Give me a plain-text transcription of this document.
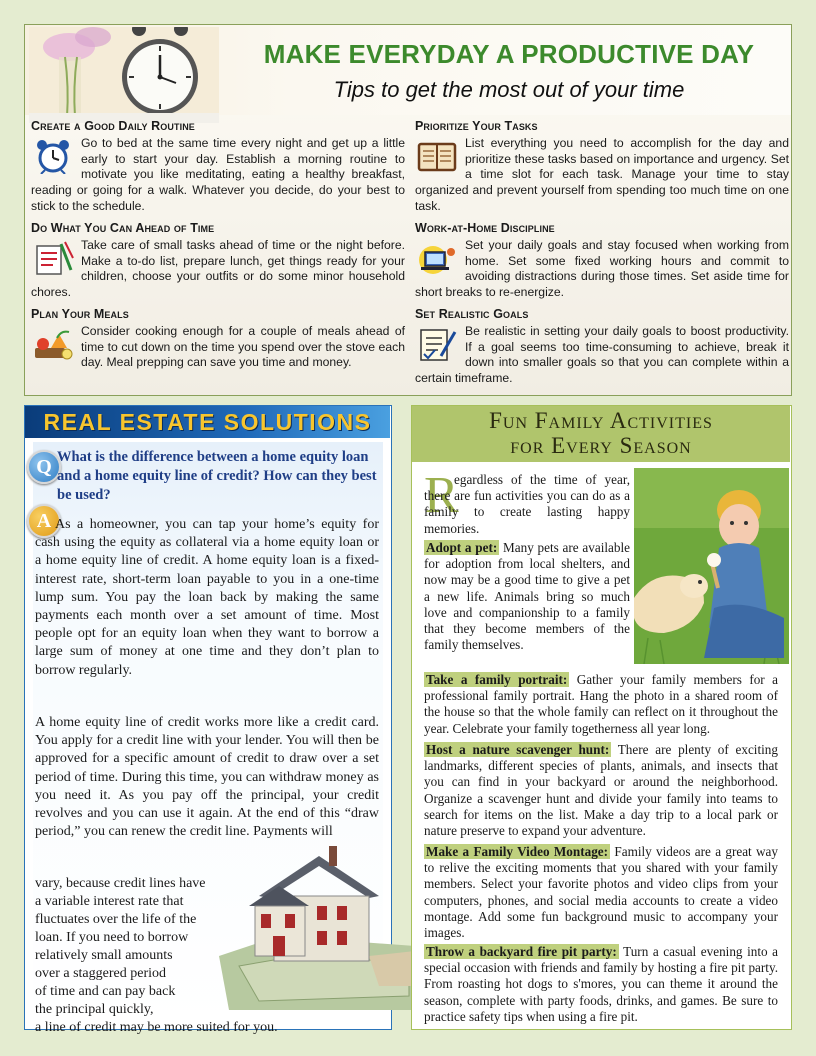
MAKE EVERYDAY A PRODUCTIVE DAY
Tips to get the most out of your time
Create a Good Daily Routine

Go to bed at the same time every night and get up a little early to start your day. Establish a morning routine to motivate you like meditating, eating a healthy breakfast, reading or going for a walk. Whatever you decide, do your best to stick to the schedule.

Prioritize Your Tasks

List everything you need to accomplish for the day and prioritize these tasks based on importance and urgency. Set a time slot for each task. Manage your time to stay organized and prevent yourself from spending too much time on one task.

Do What You Can Ahead of Time

Take care of small tasks ahead of time or the night before. Make a to-do list, prepare lunch, get things ready for your children, choose your outfits or do some minor household chores.

Work-at-Home Discipline

Set your daily goals and stay focused when working from home. Set some fixed working hours and commit to avoiding distractions during those times. Set aside time for short breaks to re-energize.

Plan Your Meals

Consider cooking enough for a couple of meals ahead of time to cut down on the time you spend over the stove each day. Meal prepping can save you time and money.

Set Realistic Goals

Be realistic in setting your daily goals to boost productivity. If a goal seems too time-consuming to achieve, break it down into smaller goals so that you can complete within a certain timeframe.

REAL ESTATE SOLUTIONS
Q What is the difference between a home equity loan and a home equity line of credit? How can they best be used?
A As a homeowner, you can tap your home’s equity for cash using the equity as collateral via a home equity loan or a home equity line of credit. A home equity loan is a fixed-interest rate, short-term loan payable to you in a one-time lump sum. You pay the loan back by making the same payments each month over a set amount of time. Most people opt for an equity loan when they want to borrow a large sum of money at one time and they don’t plan to borrow regularly.
A home equity line of credit works more like a credit card. You apply for a credit line with your lender. You will then be approved for a specific amount of credit to draw over a set period of time. During this time, you can withdraw money as you need it. As you pay off the principal, your credit revolves and you can use it again. At the end of this “draw period,” you can renew the credit line. Payments will
vary, because credit lines have
a variable interest rate that
fluctuates over the life of the
loan. If you need to borrow
relatively small amounts
over a staggered period
of time and can pay back
the principal quickly,
a line of credit may be more suited for you.
Fun Family Activities
for Every Season
R
egardless of the time of year, there are fun activities you can do as a family to create lasting happy memories.
Adopt a pet: Many pets are available for adoption from local shelters, and now may be a good time to give a pet a new life. Animals bring so much love and companionship to a family that they become members of the family themselves.
Take a family portrait: Gather your family members for a professional family portrait. Hang the photo in a shared room of the house so that the whole family can reflect on it throughout the year. Celebrate your family togetherness all year long.
Host a nature scavenger hunt: There are plenty of exciting landmarks, different species of plants, animals, and insects that you can find in your backyard or around the neighborhood. Organize a scavenger hunt and divide your family into teams to search for items on the list. Make a day trip to a local park or nature preserve to expand your adventure.
Make a Family Video Montage: Family videos are a great way to relive the exciting moments that you shared with your family members. Select your favorite photos and video clips from your computers, phones, and social media accounts to create a video montage. Add some fun background music to accompany your images.
Throw a backyard fire pit party: Turn a casual evening into a special occasion with friends and family by hosting a fire pit party. From roasting hot dogs to s'mores, you can theme it around the season, complete with party foods, drinks, and games. Be sure to practice safety tips when using a fire pit.
